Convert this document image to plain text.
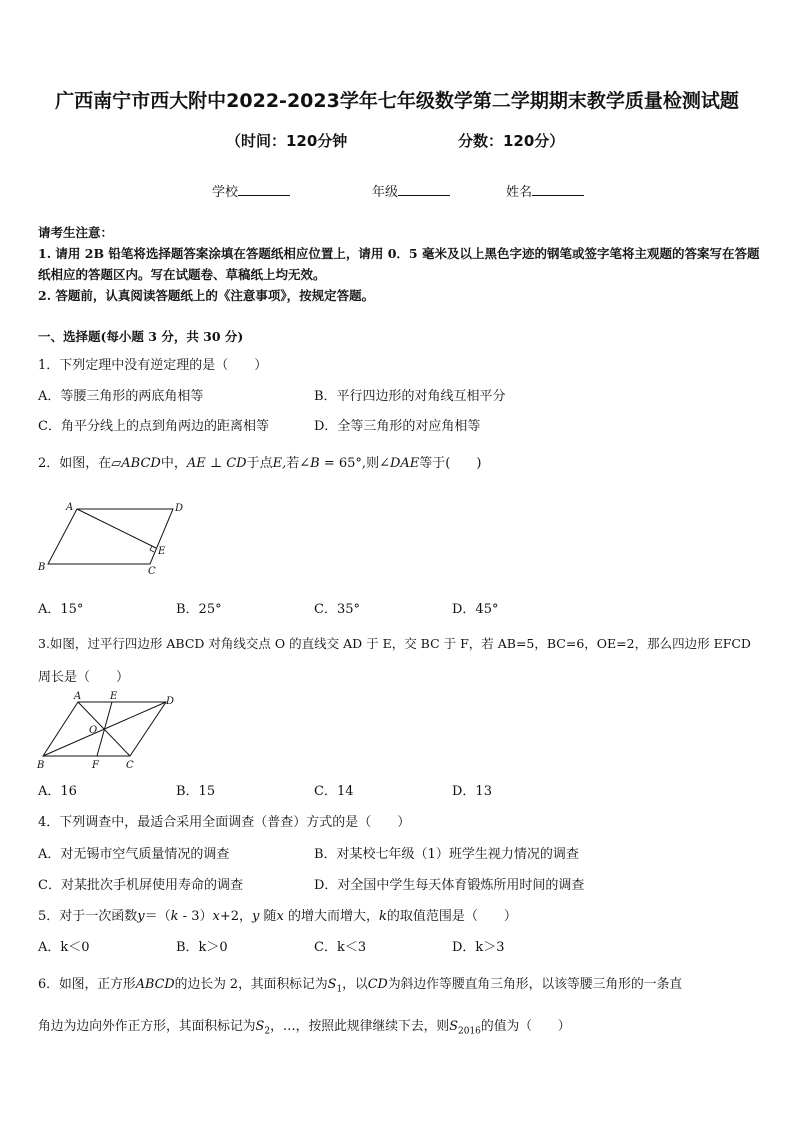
广西南宁市西大附中2022-2023学年七年级数学第二学期期末教学质量检测试题
（时间：120分钟	分数：120分）
学校	年级	姓名

请考生注意：

1. 请用 2B 铅笔将选择题答案涂填在答题纸相应位置上，请用 0．5 毫米及以上黑色字迹的钢笔或签字笔将主观题的答案写在答题纸相应的答题区内。写在试题卷、草稿纸上均无效。

2. 答题前，认真阅读答题纸上的《注意事项》，按规定答题。

一、选择题(每小题 3 分，共 30 分)
1．下列定理中没有逆定理的是（　　）
A．等腰三角形的两底角相等	B．平行四边形的对角线互相平分
C．角平分线上的点到角两边的距离相等	D．全等三角形的对应角相等
2．如图，在▱ABCD中，AE ⊥ CD于点E,若∠B = 65°,则∠DAE等于(　　)
A	D
B	C
E
A．15°	B．25°	C．35°	D．45°
3.如图，过平行四边形 ABCD 对角线交点 O 的直线交 AD 于 E，交 BC 于 F，若 AB=5，BC=6，OE=2，那么四边形 EFCD
周长是（　　）
A	E	D
O
B	F	C
A．16	B．15	C．14	D．13
4．下列调查中，最适合采用全面调查（普查）方式的是（　　）
A．对无锡市空气质量情况的调查	B．对某校七年级（1）班学生视力情况的调查
C．对某批次手机屏使用寿命的调查	D．对全国中学生每天体育锻炼所用时间的调查
5．对于一次函数y＝（k - 3）x+2，y 随x 的增大而增大，k的取值范围是（　　）
A．k＜0	B．k＞0	C．k＜3	D．k＞3
6．如图，正方形ABCD的边长为 2，其面积标记为$S_1$，以CD为斜边作等腰直角三角形，以该等腰三角形的一条直
角边为边向外作正方形，其面积标记为$S_2$，…，按照此规律继续下去，则$S_{2016}$的值为（　　）
